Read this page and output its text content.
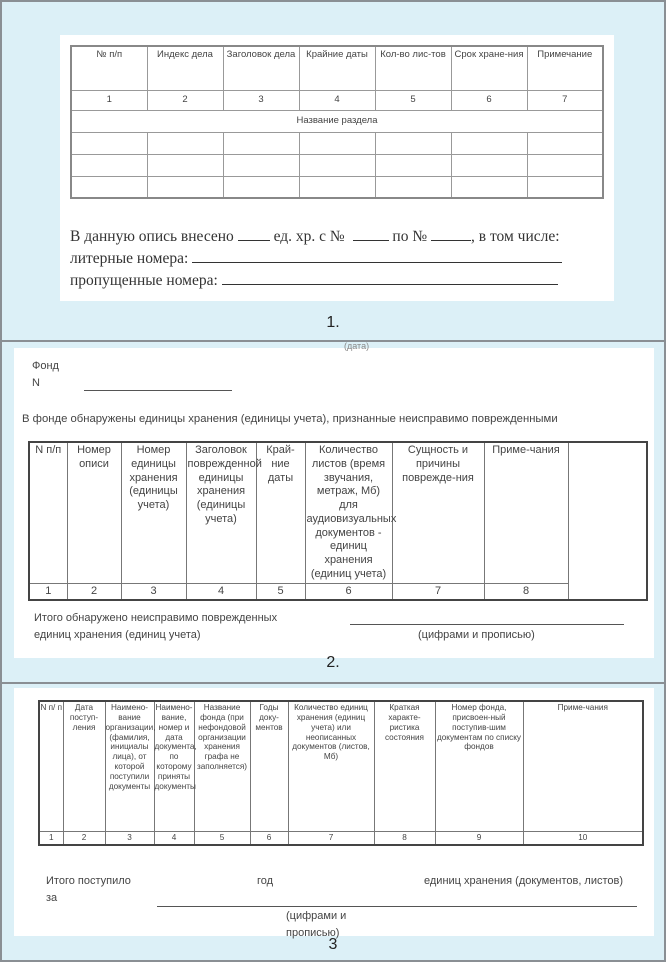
№ п/п	Индекс дела	Заголовок дела	Крайние даты	Кол-во лис-тов	Срок хране-ния	Примечание
1	2	3	4	5	6	7
Название раздела						

В данную опись внесено	ед. хр. с №	по №	, в том числе:
литерные номера:
пропущенные номера:
1.
(дата)
Фонд
N
В фонде обнаружены единицы хранения (единицы учета), признанные неисправимо поврежденными
N п/п	Номер описи	Номер единицы хранения (единицы учета)	Заголовок поврежденной единицы хранения (единицы учета)	Край-ние даты	Количество листов (время звучания, метраж, Мб) для аудиовизуальных документов - единиц хранения (единиц учета)	Сущность и причины поврежде-ния	Приме-чания
1	2	3	4	5	6	7	8
Итого обнаружено неисправимо поврежденных
единиц хранения (единиц учета)	(цифрами и прописью)
2.
N п/ п	Дата поступ-ления	Наимено-вание организации, (фамилия, инициалы лица), от которой поступили документы	Наимено-вание, номер и дата документа, по которому приняты документы	Название фонда (при нефондовой организации хранения графа не заполняется)	Годы доку-ментов	Количество единиц хранения (единиц учета) или неописанных документов (листов, Мб)	Краткая характе-ристика состояния	Номер фонда, присвоен-ный поступив-шим документам по списку фондов	Приме-чания
1	2	3	4	5	6	7	8	9	10
Итого поступило
за
год	единиц хранения (документов, листов)
(цифрами и прописью)
3
